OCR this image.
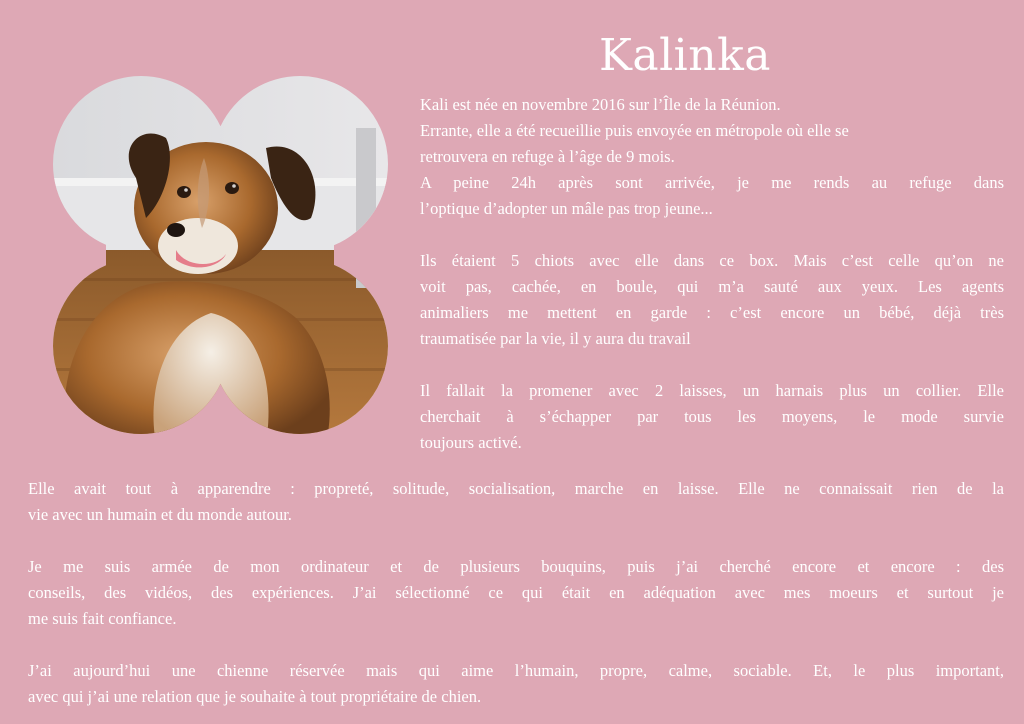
Kalinka
Kali est née en novembre 2016 sur l’Île de la Réunion.
Errante, elle a été recueillie puis envoyée en métropole où elle se
retrouvera en refuge à l’âge de 9 mois.
A peine 24h après sont arrivée, je me rends au refuge dans
l’optique d’adopter un mâle pas trop jeune...
Ils étaient 5 chiots avec elle dans ce box. Mais c’est celle qu’on ne
voit pas, cachée, en boule, qui m’a sauté aux yeux. Les agents
animaliers me mettent en garde : c’est encore un bébé, déjà très
traumatisée par la vie, il y aura du travail
Il fallait la promener avec 2 laisses, un harnais plus un collier. Elle
cherchait à s’échapper par tous les moyens, le mode survie
toujours activé.
Elle avait tout à apparendre : propreté, solitude, socialisation, marche en laisse. Elle ne connaissait rien de la
vie avec un humain et du monde autour.
Je me suis armée de mon ordinateur et de plusieurs bouquins, puis j’ai cherché encore et encore : des
conseils, des vidéos, des expériences. J’ai sélectionné ce qui était en adéquation avec mes moeurs et surtout je
me suis fait confiance.
J’ai aujourd’hui une chienne réservée mais qui aime l’humain, propre, calme, sociable. Et, le plus important,
avec qui j’ai une relation que je souhaite à tout propriétaire de chien.
